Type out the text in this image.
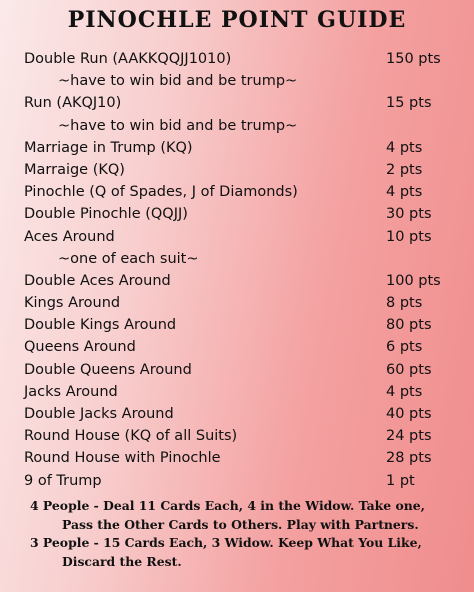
PINOCHLE POINT GUIDE
Double Run (AAKKQQJJ1010)	150 pts
~have to win bid and be trump~
Run (AKQJ10)	15 pts
~have to win bid and be trump~
Marriage in Trump (KQ)	4 pts
Marraige (KQ)	2 pts
Pinochle (Q of Spades, J of Diamonds)	4 pts
Double Pinochle (QQJJ)	30 pts
Aces Around	10 pts
~one of each suit~
Double Aces Around	100 pts
Kings Around	8 pts
Double Kings Around	80 pts
Queens Around	6 pts
Double Queens Around	60 pts
Jacks Around	4 pts
Double Jacks Around	40 pts
Round House (KQ of all Suits)	24 pts
Round House with Pinochle	28 pts
9 of Trump	1 pt
4 People - Deal 11 Cards Each, 4 in the Widow. Take one,
Pass the Other Cards to Others. Play with Partners.
3 People - 15 Cards Each, 3 Widow. Keep What You Like,
Discard the Rest.
